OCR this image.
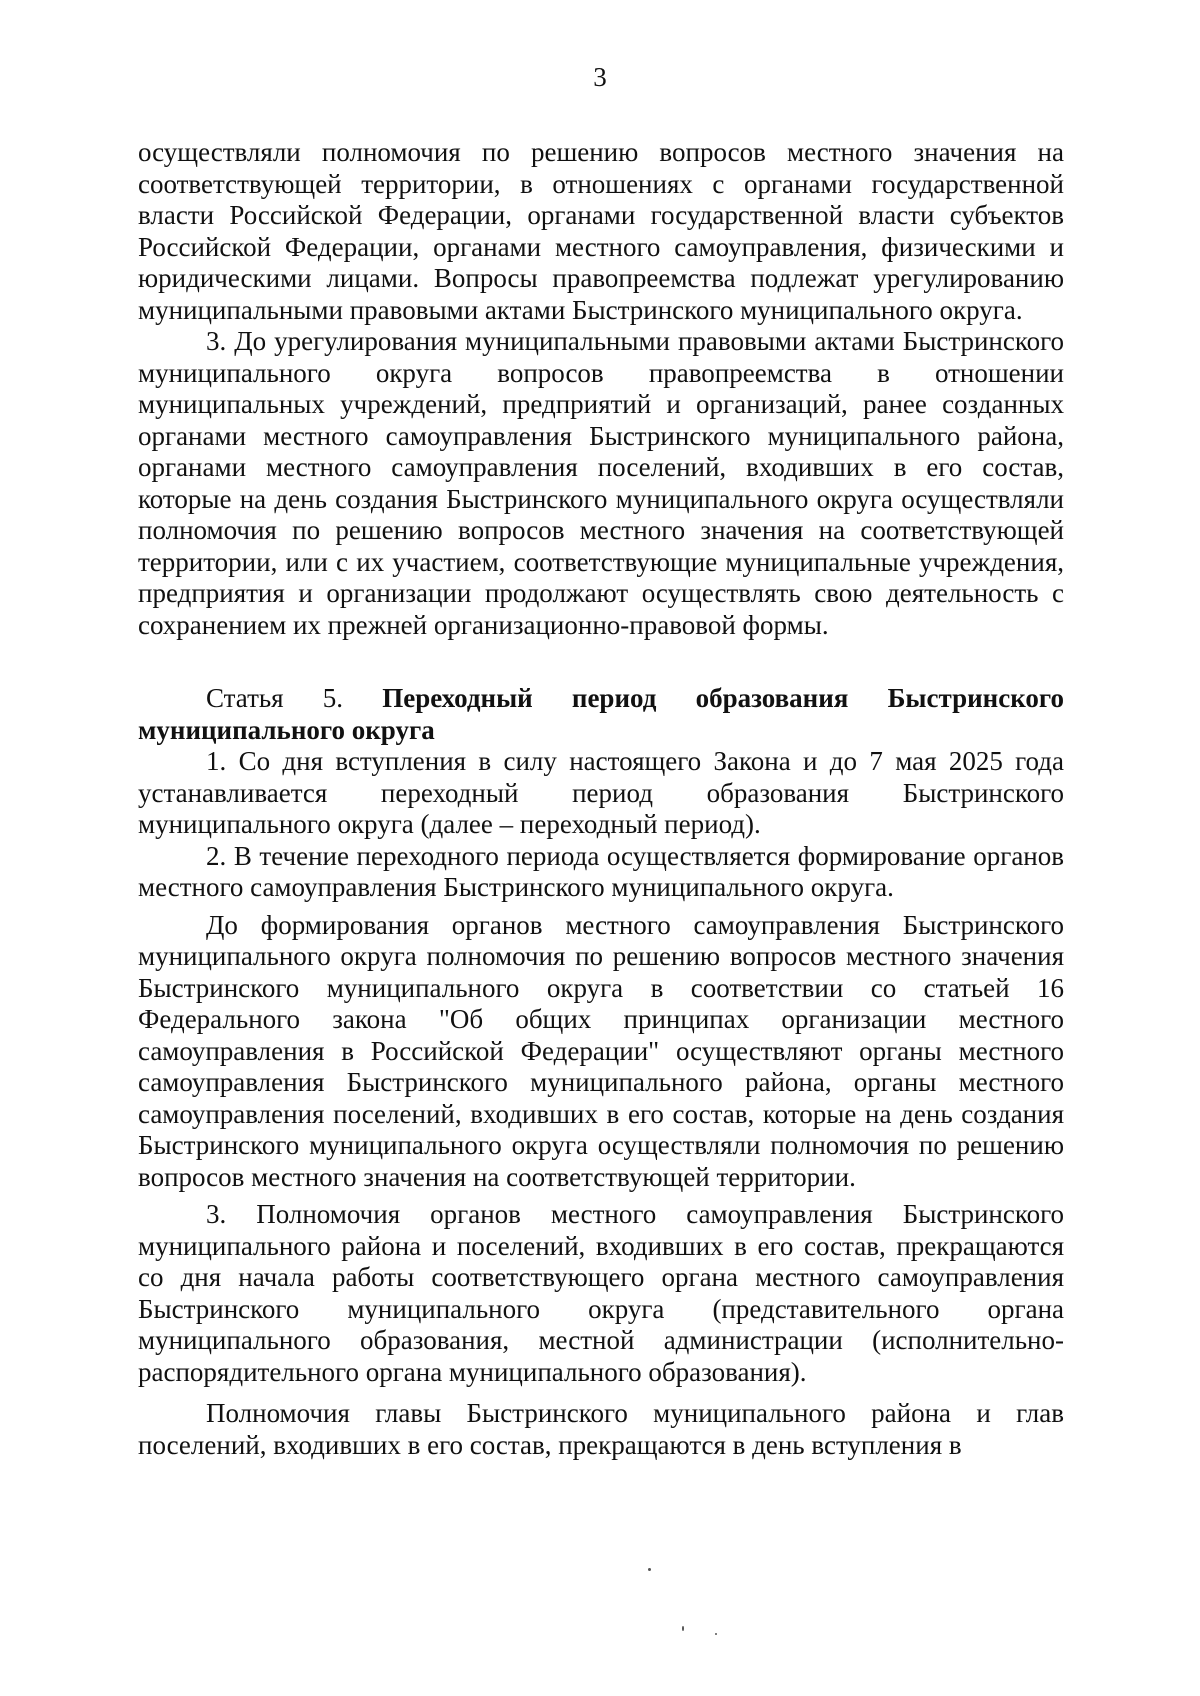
3

осуществляли полномочия по решению вопросов местного значения на соответствующей территории, в отношениях с органами государственной власти Российской Федерации, органами государственной власти субъектов Российской Федерации, органами местного самоуправления, физическими и юридическими лицами. Вопросы правопреемства подлежат урегулированию муниципальными правовыми актами Быстринского муниципального округа.

3. До урегулирования муниципальными правовыми актами Быстринского муниципального округа вопросов правопреемства в отношении муниципальных учреждений, предприятий и организаций, ранее созданных органами местного самоуправления Быстринского муниципального района, органами местного самоуправления поселений, входивших в его состав, которые на день создания Быстринского муниципального округа осуществляли полномочия по решению вопросов местного значения на соответствующей территории, или с их участием, соответствующие муниципальные учреждения, предприятия и организации продолжают осуществлять свою деятельность с сохранением их прежней организационно-правовой формы.

Статья 5. Переходный период образования Быстринского муниципального округа

1. Со дня вступления в силу настоящего Закона и до 7 мая 2025 года устанавливается переходный период образования Быстринского муниципального округа (далее – переходный период).

2. В течение переходного периода осуществляется формирование органов местного самоуправления Быстринского муниципального округа.

До формирования органов местного самоуправления Быстринского муниципального округа полномочия по решению вопросов местного значения Быстринского муниципального округа в соответствии со статьей 16 Федерального закона "Об общих принципах организации местного самоуправления в Российской Федерации" осуществляют органы местного самоуправления Быстринского муниципального района, органы местного самоуправления поселений, входивших в его состав, которые на день создания Быстринского муниципального округа осуществляли полномочия по решению вопросов местного значения на соответствующей территории.

3. Полномочия органов местного самоуправления Быстринского муниципального района и поселений, входивших в его состав, прекращаются со дня начала работы соответствующего органа местного самоуправления Быстринского муниципального округа (представительного органа муниципального образования, местной администрации (исполнительно-распорядительного органа муниципального образования).

Полномочия главы Быстринского муниципального района и глав поселений, входивших в его состав, прекращаются в день вступления в
